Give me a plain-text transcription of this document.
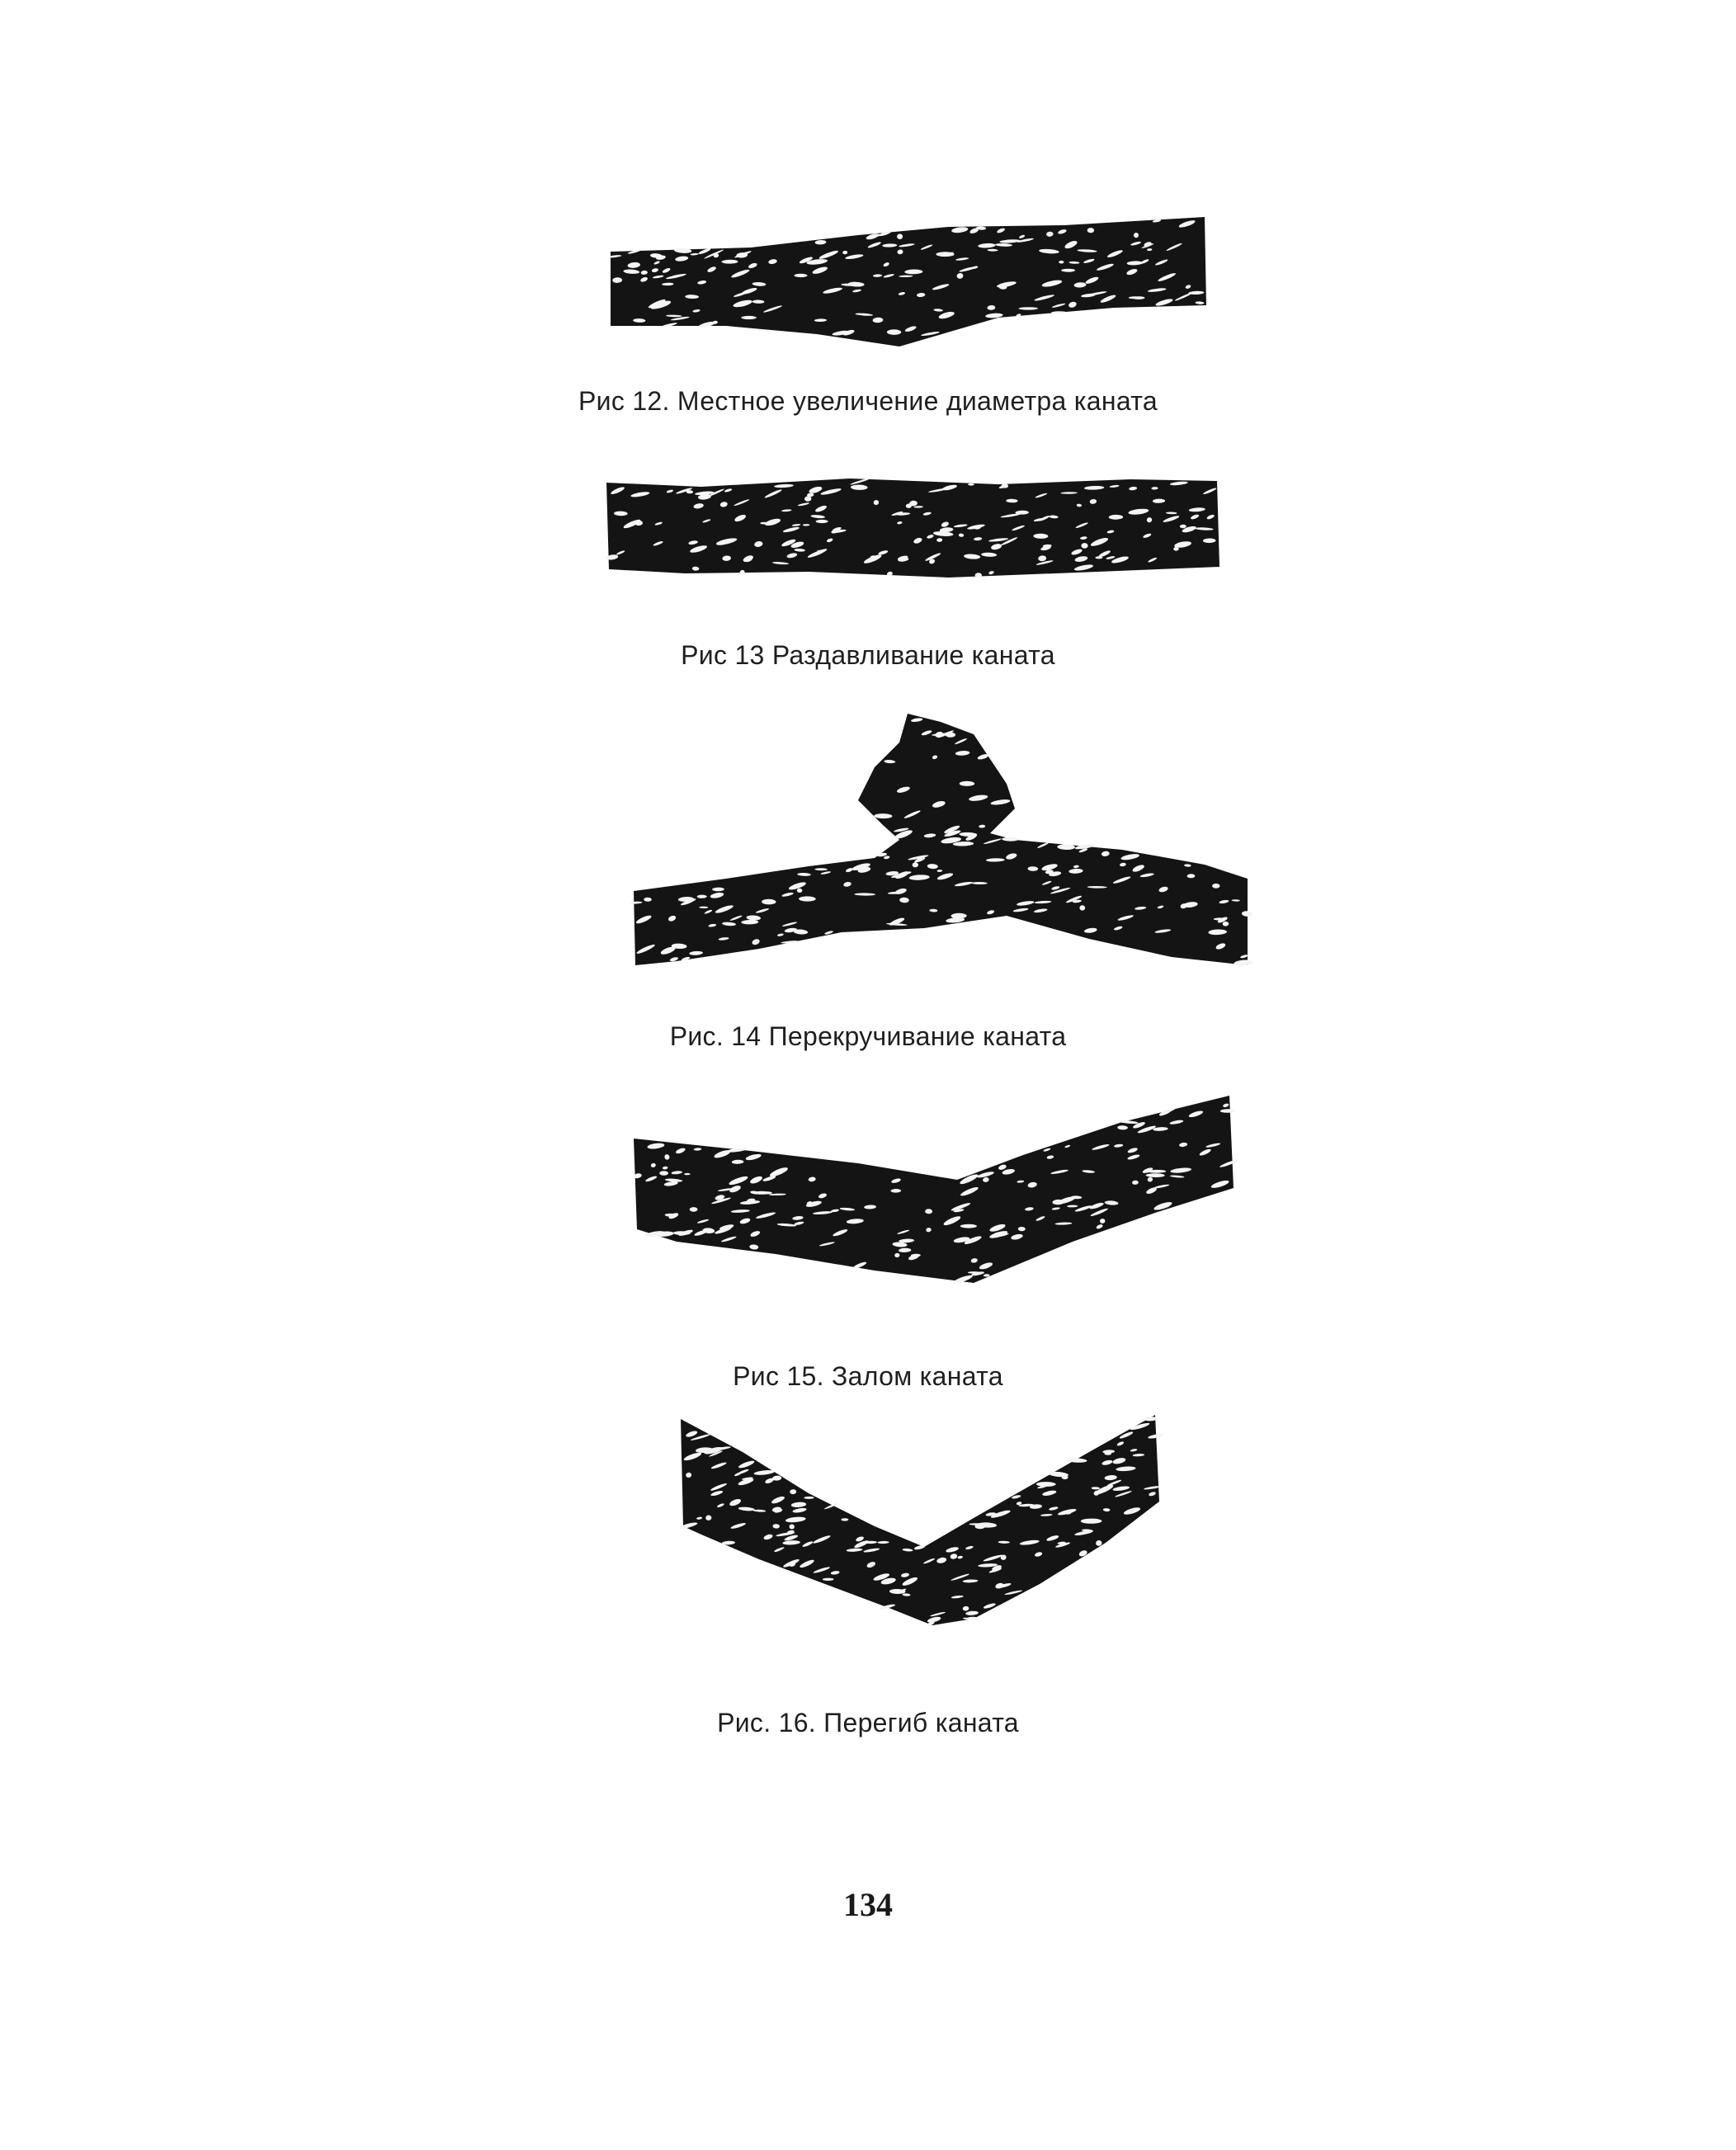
Рис 12. Местное увеличение диаметра каната
Рис 13 Раздавливание каната
Рис. 14 Перекручивание каната
Рис 15. Залом каната
Рис. 16. Перегиб каната
134
